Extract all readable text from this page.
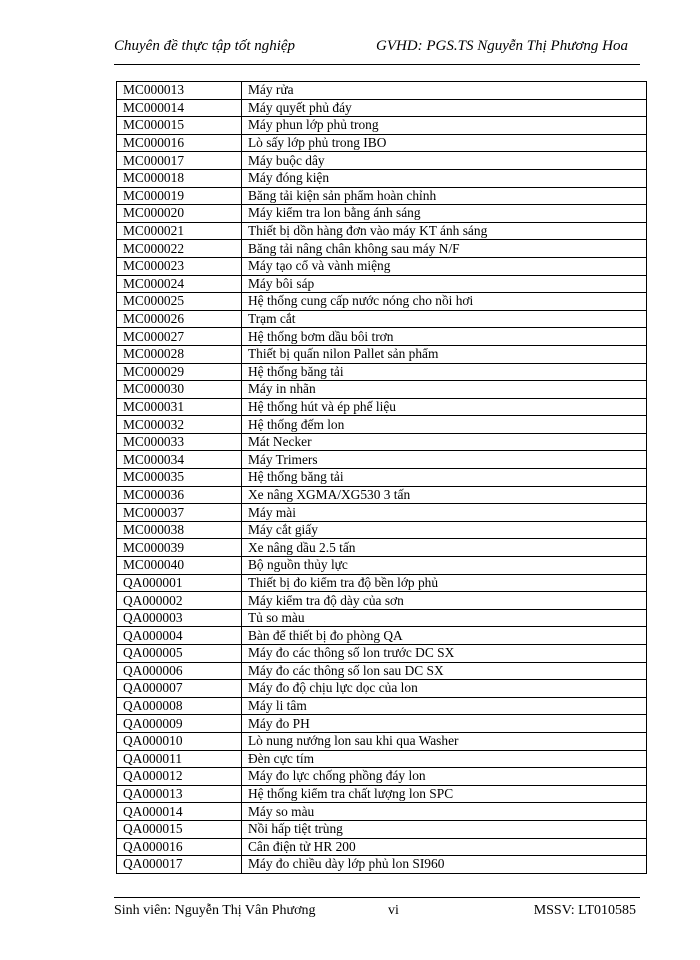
Chuyên đề thực tập tốt nghiệp	GVHD: PGS.TS Nguyễn Thị Phương Hoa
MC000013	Máy rửa
MC000014	Máy quyết phủ đáy
MC000015	Máy phun lớp phủ trong
MC000016	Lò sấy lớp phủ trong IBO
MC000017	Máy buộc dây
MC000018	Máy đóng kiện
MC000019	Băng tải kiện sản phẩm hoàn chỉnh
MC000020	Máy kiểm tra lon bằng ánh sáng
MC000021	Thiết bị dồn hàng đơn vào máy KT ánh sáng
MC000022	Băng tải nâng chân không sau máy N/F
MC000023	Máy tạo cổ và vành miệng
MC000024	Máy bôi sáp
MC000025	Hệ thống cung cấp nước nóng cho nồi hơi
MC000026	Trạm cắt
MC000027	Hệ thống bơm dầu bôi trơn
MC000028	Thiết bị quấn nilon Pallet sản phẩm
MC000029	Hệ thống băng tải
MC000030	Máy in nhãn
MC000031	Hệ thống hút và ép phế liệu
MC000032	Hệ thống đếm lon
MC000033	Mát Necker
MC000034	Máy Trimers
MC000035	Hệ thống băng tải
MC000036	Xe nâng XGMA/XG530 3 tấn
MC000037	Máy mài
MC000038	Máy cắt giấy
MC000039	Xe nâng dầu 2.5 tấn
MC000040	Bộ nguồn thủy lực
QA000001	Thiết bị đo kiểm tra độ bền lớp phủ
QA000002	Máy kiểm tra độ dày của sơn
QA000003	Tủ so màu
QA000004	Bàn để thiết bị đo phòng QA
QA000005	Máy đo các thông số lon trước DC SX
QA000006	Máy đo các thông số lon sau DC SX
QA000007	Máy đo độ chịu lực dọc của lon
QA000008	Máy li tâm
QA000009	Máy đo PH
QA000010	Lò nung nướng lon sau khi qua Washer
QA000011	Đèn cực tím
QA000012	Máy đo lực chống phồng đáy lon
QA000013	Hệ thống kiểm tra chất lượng lon SPC
QA000014	Máy so màu
QA000015	Nồi hấp tiệt trùng
QA000016	Cân điện tử HR 200
QA000017	Máy đo chiều dày lớp phủ lon SI960
Sinh viên: Nguyễn Thị Vân Phương	vi	MSSV: LT010585
